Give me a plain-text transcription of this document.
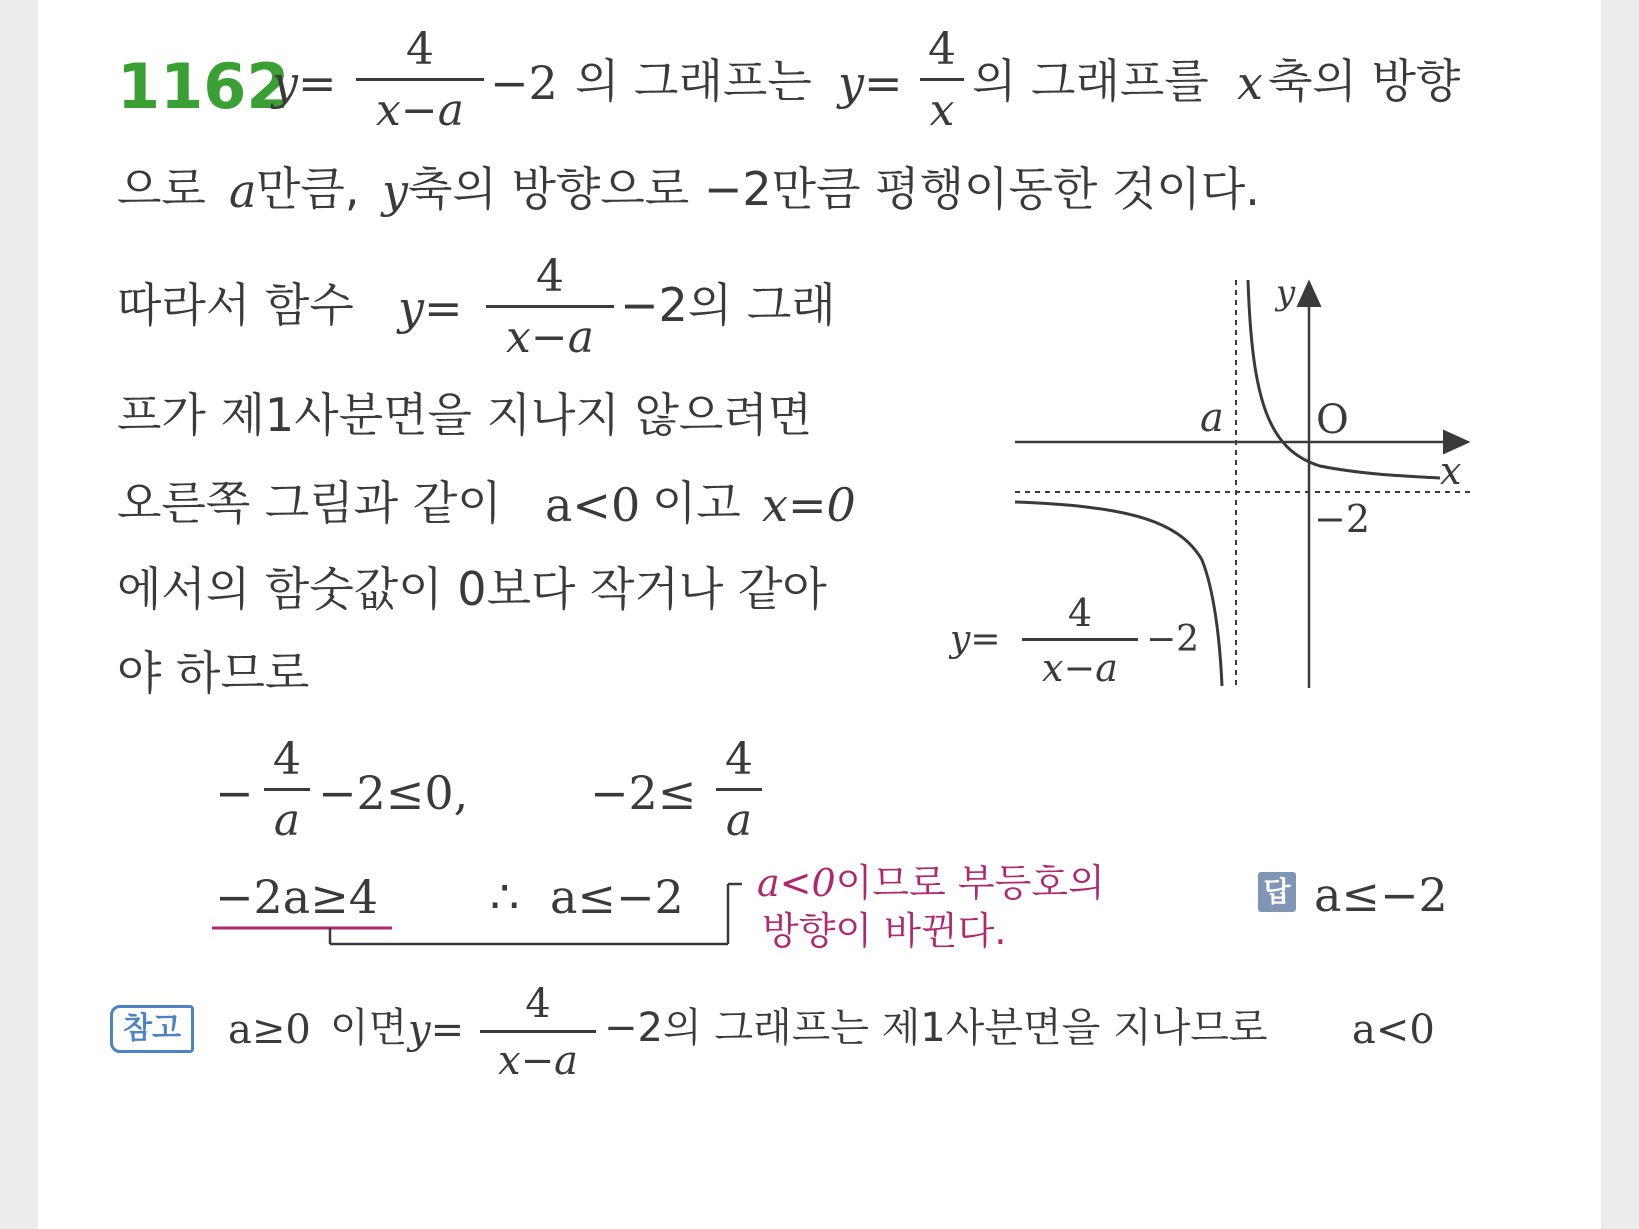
1162
y=
4
x−a −2 의 그래프는 y=
4
x
의 그래프를 x 축의 방향
으로 a 만큼, y 축의 방향으로 −2만큼 평행이동한 것이다.
따라서 함수 y=
4
x−a
−2의 그래
프가 제1사분면을 지나지 않으려면
오른쪽 그림과 같이 a<0 이고 x=0
에서의 함숫값이 0보다 작거나 같아
야 하므로
−
4
a −2≤0,	−2≤
4
a
−2a≥4 ∴ a≤−2 a<0이므로 부등호의
방향이 바뀐다.
답 a≤−2
참고	a≥0 이면 y=
4
x−a
−2의 그래프는 제1사분면을 지나므로 a<0
y
x
O
a
−2
y=
4
x−a
−2
